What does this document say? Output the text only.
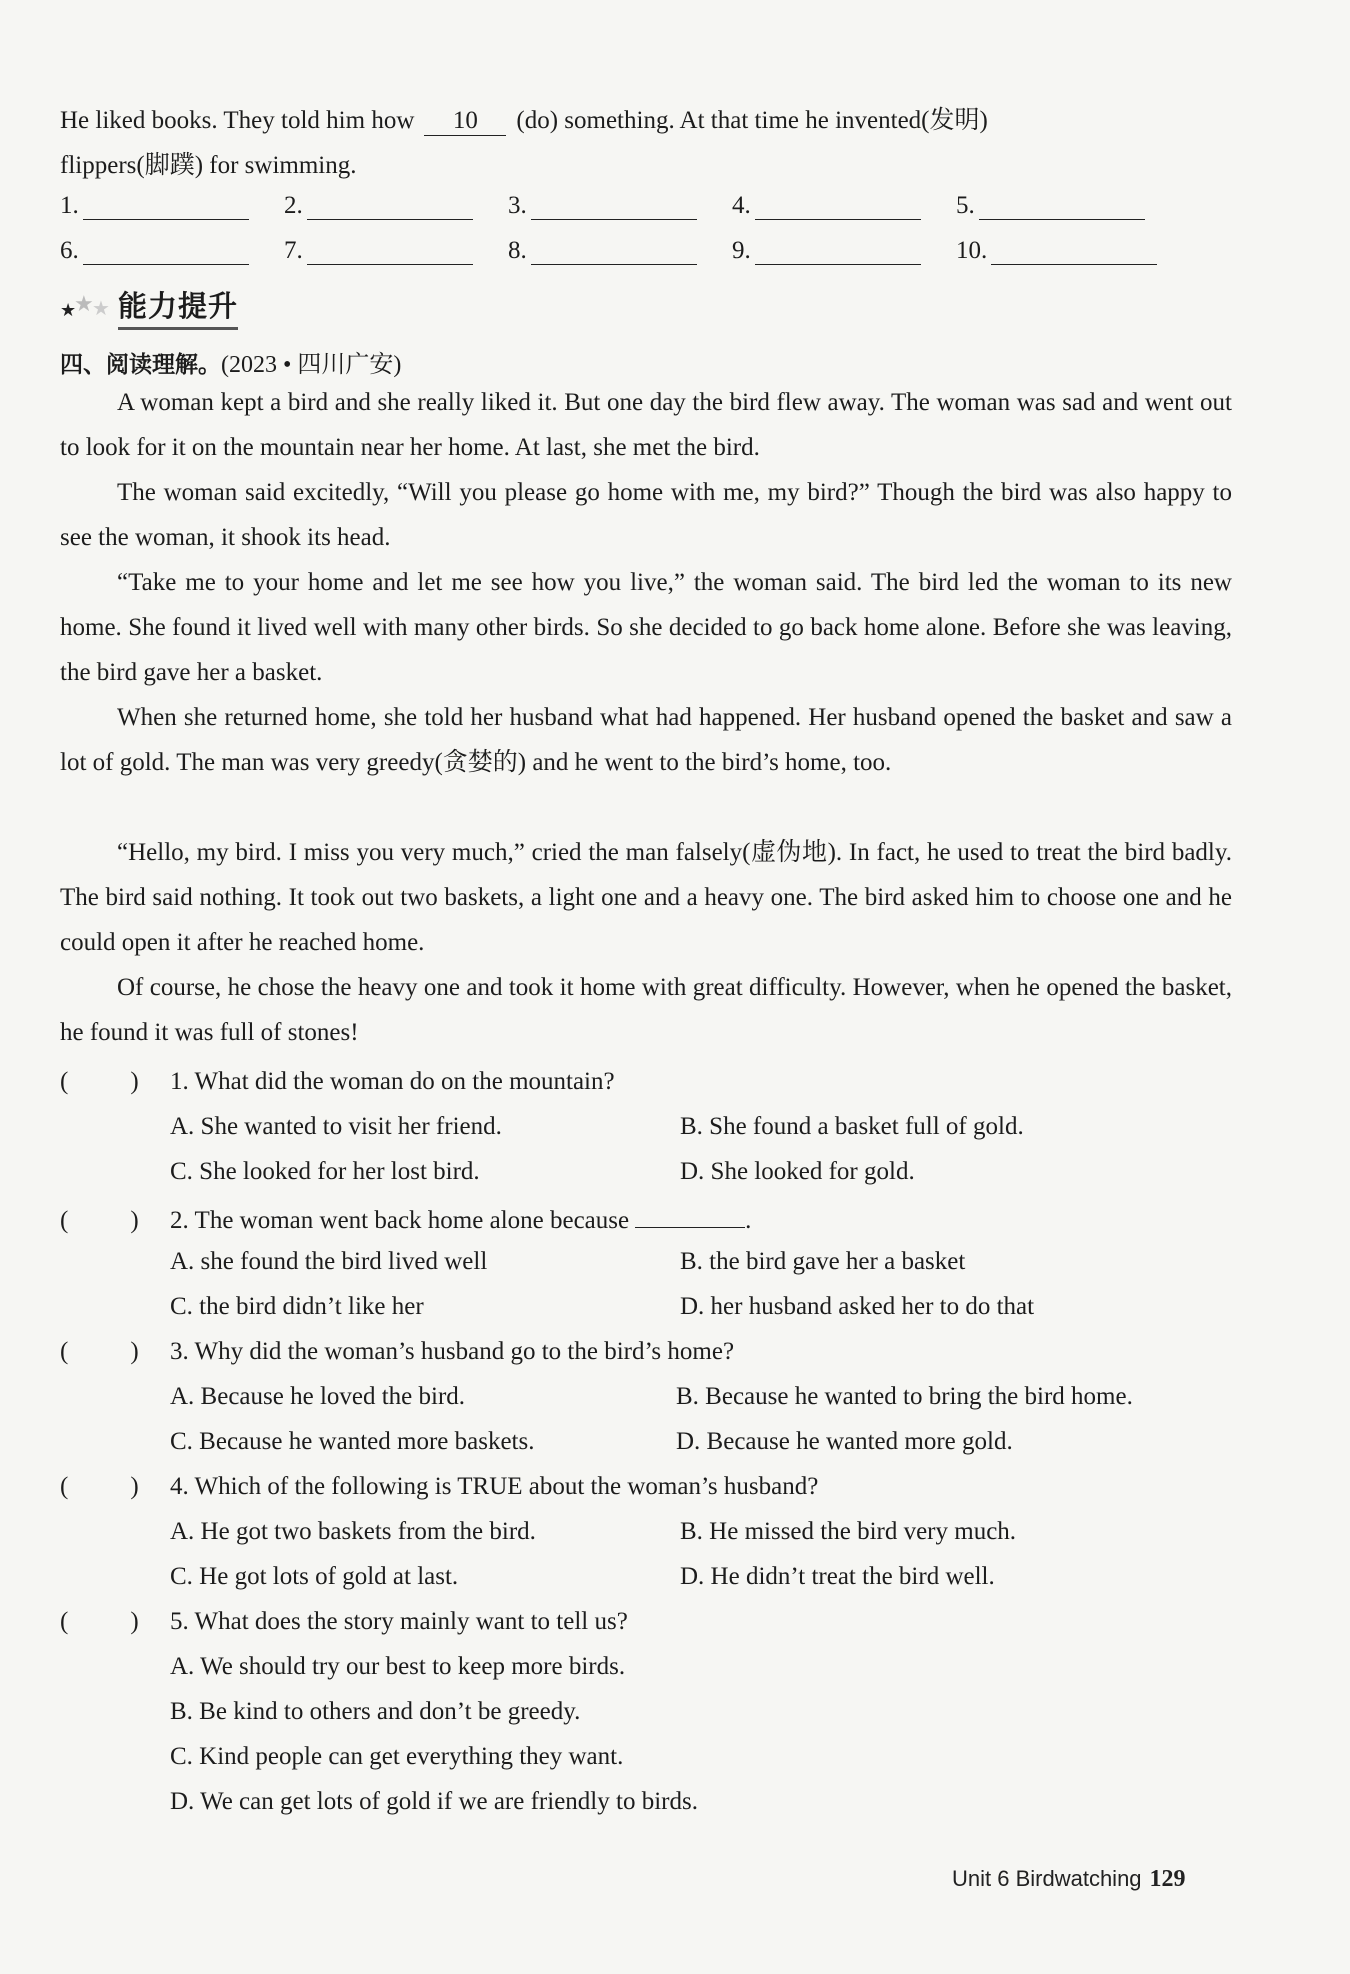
He liked books. They told him how 10 (do) something. At that time he invented(发明)
flippers(脚蹼) for swimming.
1.	2.	3.	4.	5.
6.	7.	8.	9.	10.
★
★
★ 能力提升
四、阅读理解。(2023 • 四川广安)

A woman kept a bird and she really liked it. But one day the bird flew away. The woman was sad and went out to look for it on the mountain near her home. At last, she met the bird.

The woman said excitedly, “Will you please go home with me, my bird?” Though the bird was also happy to see the woman, it shook its head.

“Take me to your home and let me see how you live,” the woman said. The bird led the woman to its new home. She found it lived well with many other birds. So she decided to go back home alone. Before she was leaving, the bird gave her a basket.

When she returned home, she told her husband what had happened. Her husband opened the basket and saw a lot of gold. The man was very greedy(贪婪的) and he went to the bird’s home, too.

“Hello, my bird. I miss you very much,” cried the man falsely(虚伪地). In fact, he used to treat the bird badly. The bird said nothing. It took out two baskets, a light one and a heavy one. The bird asked him to choose one and he could open it after he reached home.

Of course, he chose the heavy one and took it home with great difficulty. However, when he opened the basket, he found it was full of stones!

( ) 1. What did the woman do on the mountain?
A. She wanted to visit her friend.	B. She found a basket full of gold.
C. She looked for her lost bird.	D. She looked for gold.
( ) 2. The woman went back home alone because	.
A. she found the bird lived well	B. the bird gave her a basket
C. the bird didn’t like her	D. her husband asked her to do that
( ) 3. Why did the woman’s husband go to the bird’s home?
A. Because he loved the bird.	B. Because he wanted to bring the bird home.
C. Because he wanted more baskets.	D. Because he wanted more gold.
( ) 4. Which of the following is TRUE about the woman’s husband?
A. He got two baskets from the bird.	B. He missed the bird very much.
C. He got lots of gold at last.	D. He didn’t treat the bird well.
( ) 5. What does the story mainly want to tell us?
A. We should try our best to keep more birds.
B. Be kind to others and don’t be greedy.
C. Kind people can get everything they want.
D. We can get lots of gold if we are friendly to birds.
Unit 6 Birdwatching 129
